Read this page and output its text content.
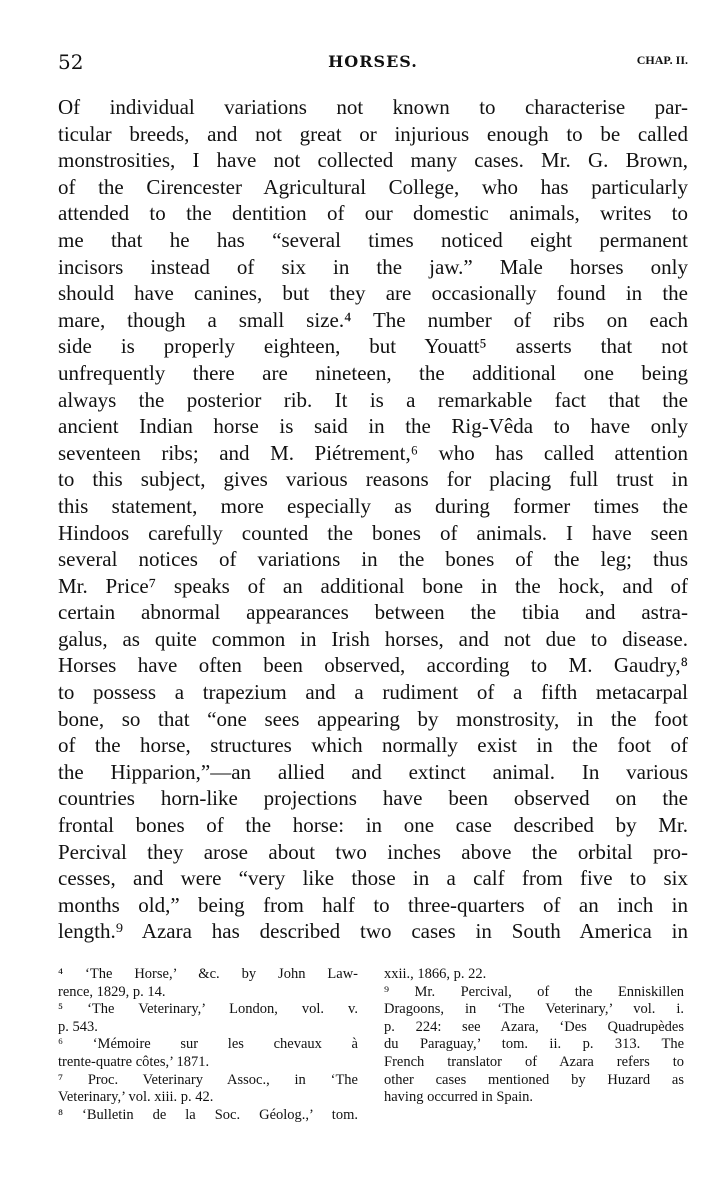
52	HORSES.	CHAP. II.
Of individual variations not known to characterise par-
ticular breeds, and not great or injurious enough to be called
monstrosities, I have not collected many cases. Mr. G. Brown,
of the Cirencester Agricultural College, who has particularly
attended to the dentition of our domestic animals, writes to
me that he has “several times noticed eight permanent
incisors instead of six in the jaw.” Male horses only
should have canines, but they are occasionally found in the
mare, though a small size.⁴ The number of ribs on each
side is properly eighteen, but Youatt⁵ asserts that not
unfrequently there are nineteen, the additional one being
always the posterior rib. It is a remarkable fact that the
ancient Indian horse is said in the Rig-Vêda to have only
seventeen ribs; and M. Piétrement,⁶ who has called attention
to this subject, gives various reasons for placing full trust in
this statement, more especially as during former times the
Hindoos carefully counted the bones of animals. I have seen
several notices of variations in the bones of the leg; thus
Mr. Price⁷ speaks of an additional bone in the hock, and of
certain abnormal appearances between the tibia and astra-
galus, as quite common in Irish horses, and not due to disease.
Horses have often been observed, according to M. Gaudry,⁸
to possess a trapezium and a rudiment of a fifth metacarpal
bone, so that “one sees appearing by monstrosity, in the foot
of the horse, structures which normally exist in the foot of
the Hipparion,”—an allied and extinct animal. In various
countries horn-like projections have been observed on the
frontal bones of the horse: in one case described by Mr.
Percival they arose about two inches above the orbital pro-
cesses, and were “very like those in a calf from five to six
months old,” being from half to three-quarters of an inch in
length.⁹ Azara has described two cases in South America in
⁴ ‘The Horse,’ &c. by John Law-
rence, 1829, p. 14.
⁵ ‘The Veterinary,’ London, vol. v.
p. 543.
⁶ ‘Mémoire sur les chevaux à
trente-quatre côtes,’ 1871.
⁷ Proc. Veterinary Assoc., in ‘The
Veterinary,’ vol. xiii. p. 42.
⁸ ‘Bulletin de la Soc. Géolog.,’ tom.
xxii., 1866, p. 22.
⁹ Mr. Percival, of the Enniskillen
Dragoons, in ‘The Veterinary,’ vol. i.
p. 224: see Azara, ‘Des Quadrupèdes
du Paraguay,’ tom. ii. p. 313. The
French translator of Azara refers to
other cases mentioned by Huzard as
having occurred in Spain.
